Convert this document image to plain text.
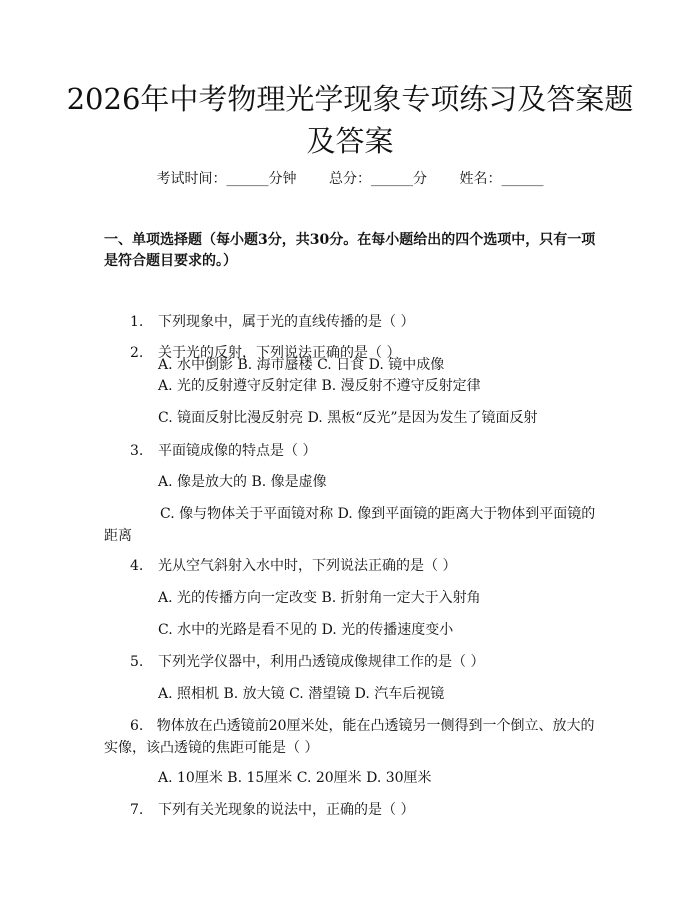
2026年中考物理光学现象专项练习及答案题及答案
考试时间：______分钟 总分：______分 姓名：______
一、单项选择题（每小题3分，共30分。在每小题给出的四个选项中，只有一项是符合题目要求的。）
1. 下列现象中，属于光的直线传播的是（ ）
A. 水中倒影 B. 海市蜃楼 C. 日食 D. 镜中成像
2. 关于光的反射，下列说法正确的是（ ）
A. 光的反射遵守反射定律 B. 漫反射不遵守反射定律
C. 镜面反射比漫反射亮 D. 黑板“反光”是因为发生了镜面反射
3. 平面镜成像的特点是（ ）
A. 像是放大的 B. 像是虚像
C. 像与物体关于平面镜对称 D. 像到平面镜的距离大于物体到平面镜的距离
4. 光从空气斜射入水中时，下列说法正确的是（ ）
A. 光的传播方向一定改变 B. 折射角一定大于入射角
C. 水中的光路是看不见的 D. 光的传播速度变小
5. 下列光学仪器中，利用凸透镜成像规律工作的是（ ）
A. 照相机 B. 放大镜 C. 潜望镜 D. 汽车后视镜
6. 物体放在凸透镜前20厘米处，能在凸透镜另一侧得到一个倒立、放大的实像，该凸透镜的焦距可能是（ ）
A. 10厘米 B. 15厘米 C. 20厘米 D. 30厘米
7. 下列有关光现象的说法中，正确的是（ ）
